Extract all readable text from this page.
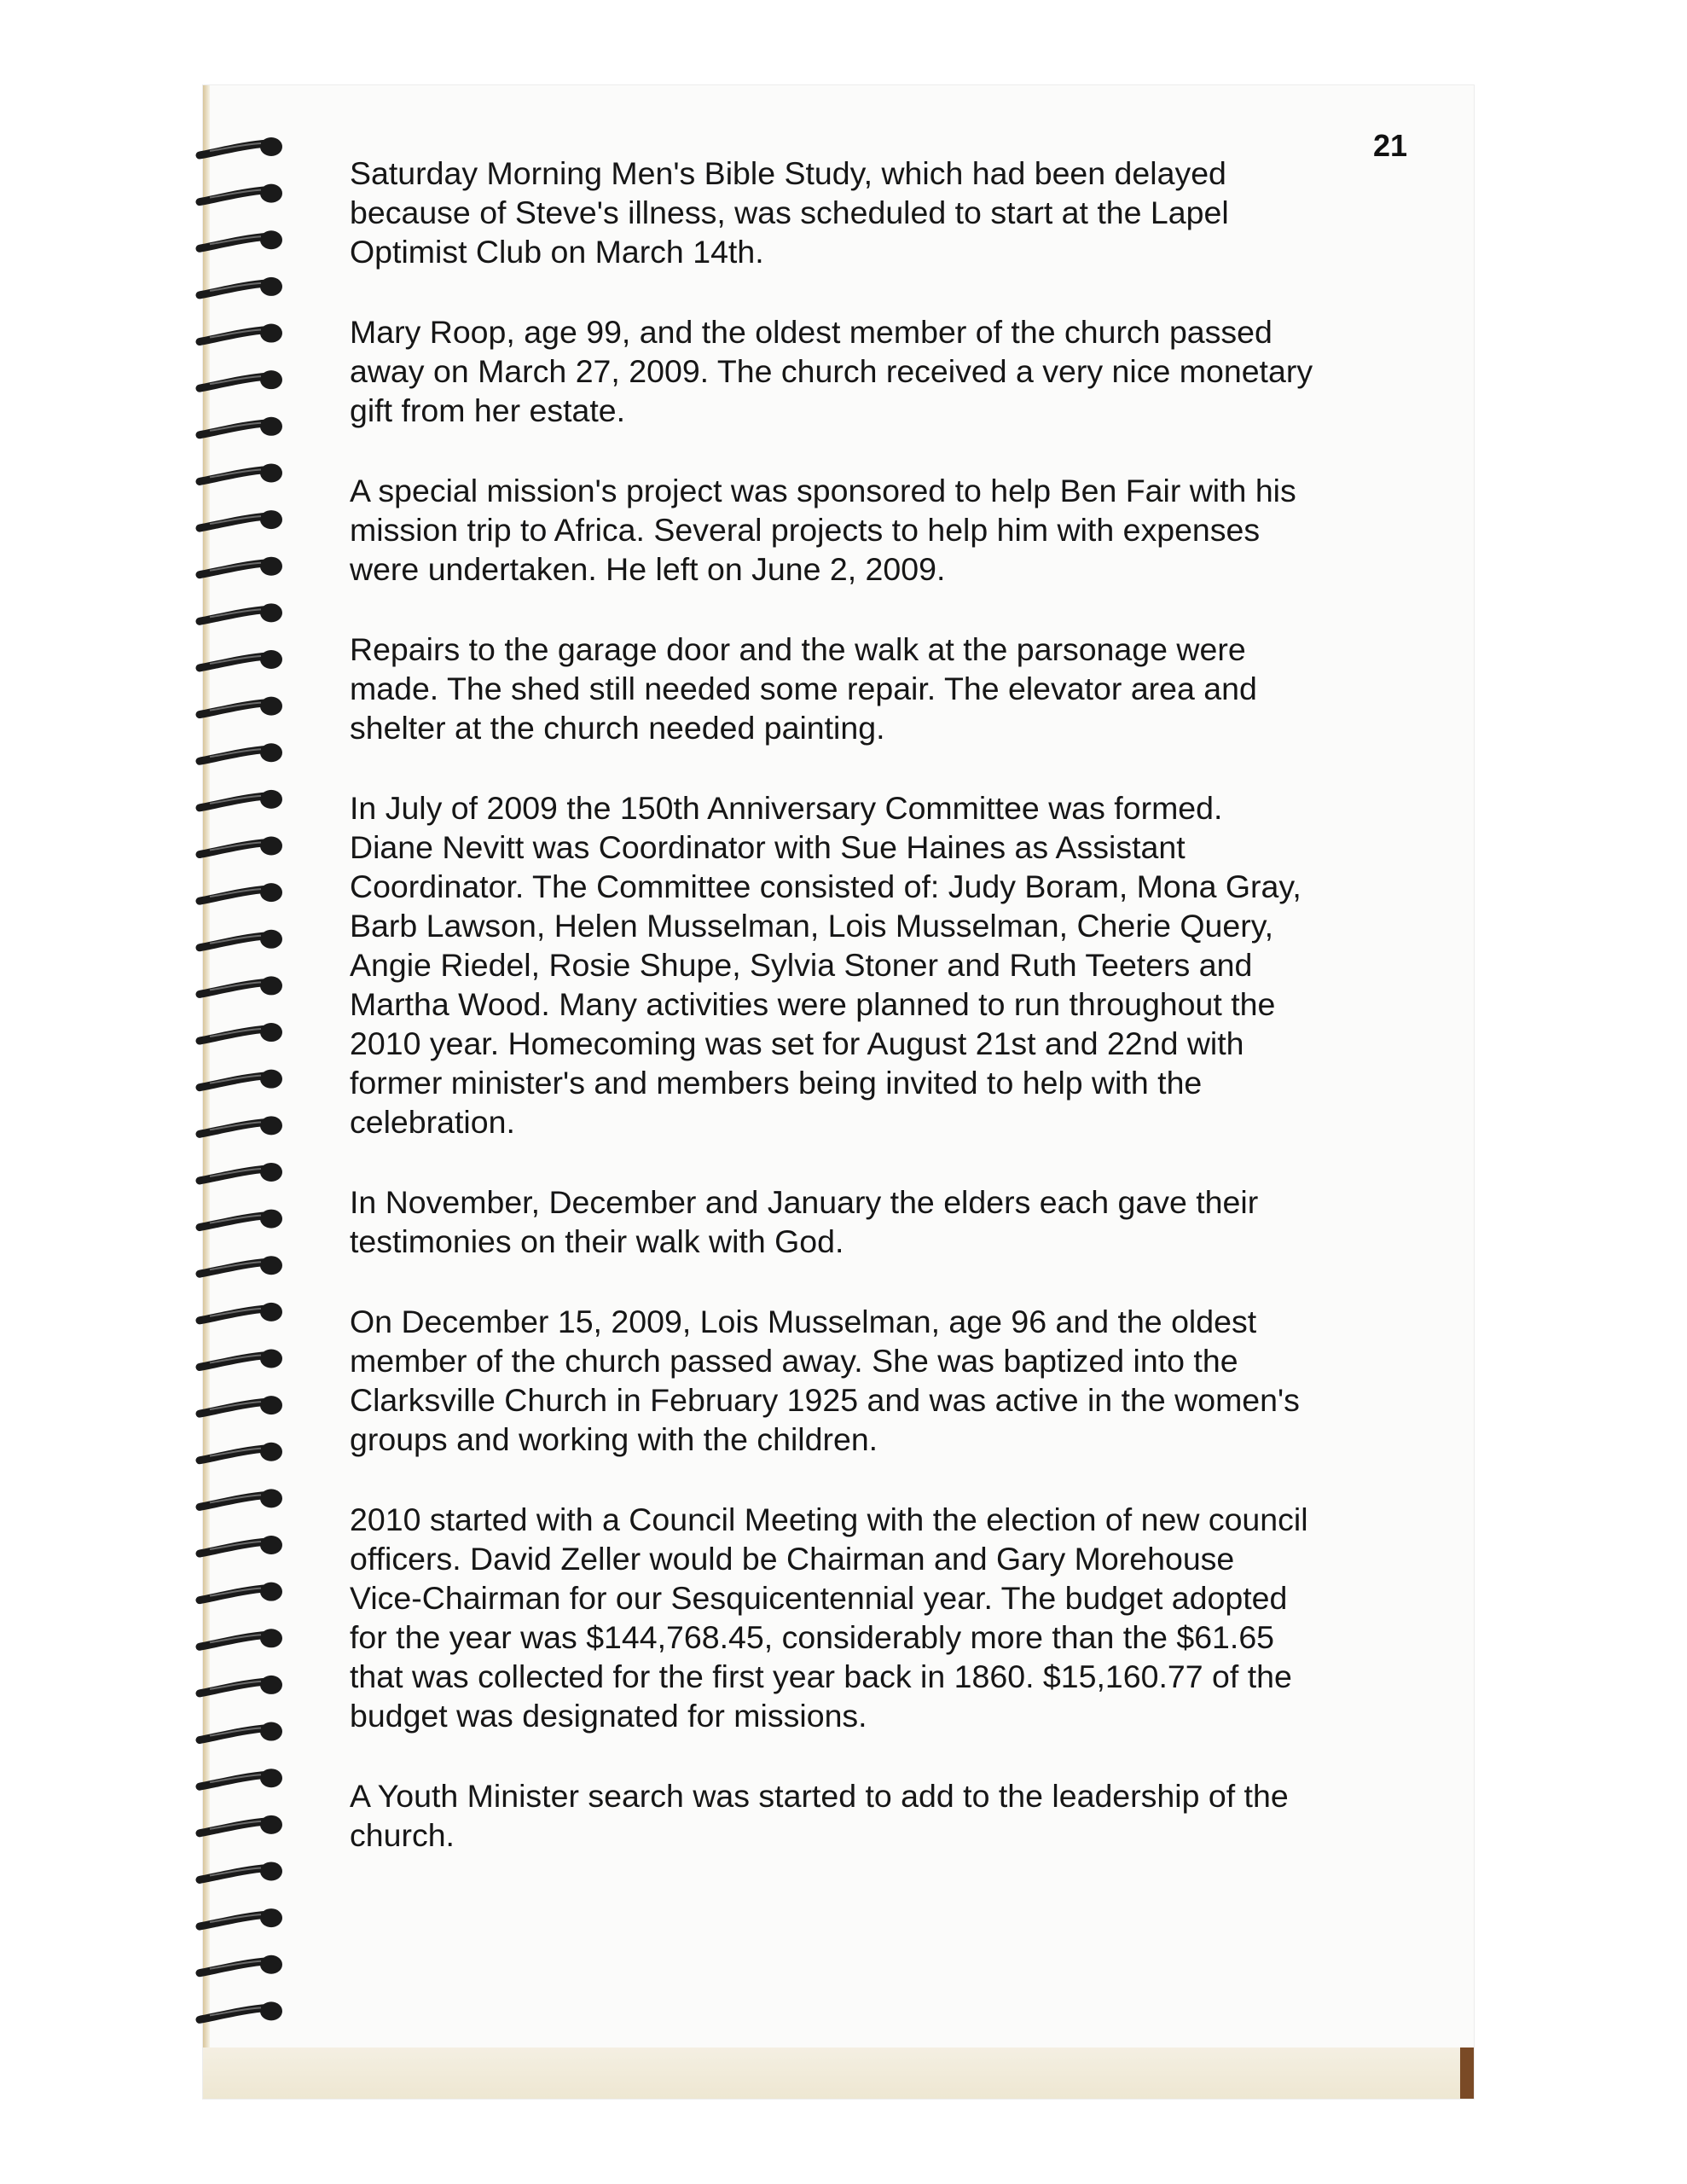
21

Saturday Morning Men's Bible Study, which had been delayed
because of Steve's illness, was scheduled to start at the Lapel
Optimist Club on March 14th.

Mary Roop, age 99, and the oldest member of the church passed
away on March 27, 2009. The church received a very nice monetary
gift from her estate.

A special mission's project was sponsored to help Ben Fair with his
mission trip to Africa. Several projects to help him with expenses
were undertaken. He left on June 2, 2009.

Repairs to the garage door and the walk at the parsonage were
made. The shed still needed some repair. The elevator area and
shelter at the church needed painting.

In July of 2009 the 150th Anniversary Committee was formed.
Diane Nevitt was Coordinator with Sue Haines as Assistant
Coordinator. The Committee consisted of: Judy Boram, Mona Gray,
Barb Lawson, Helen Musselman, Lois Musselman, Cherie Query,
Angie Riedel, Rosie Shupe, Sylvia Stoner and Ruth Teeters and
Martha Wood. Many activities were planned to run throughout the
2010 year. Homecoming was set for August 21st and 22nd with
former minister's and members being invited to help with the
celebration.

In November, December and January the elders each gave their
testimonies on their walk with God.

On December 15, 2009, Lois Musselman, age 96 and the oldest
member of the church passed away. She was baptized into the
Clarksville Church in February 1925 and was active in the women's
groups and working with the children.

2010 started with a Council Meeting with the election of new council
officers. David Zeller would be Chairman and Gary Morehouse
Vice-Chairman for our Sesquicentennial year. The budget adopted
for the year was $144,768.45, considerably more than the $61.65
that was collected for the first year back in 1860. $15,160.77 of the
budget was designated for missions.

A Youth Minister search was started to add to the leadership of the
church.
